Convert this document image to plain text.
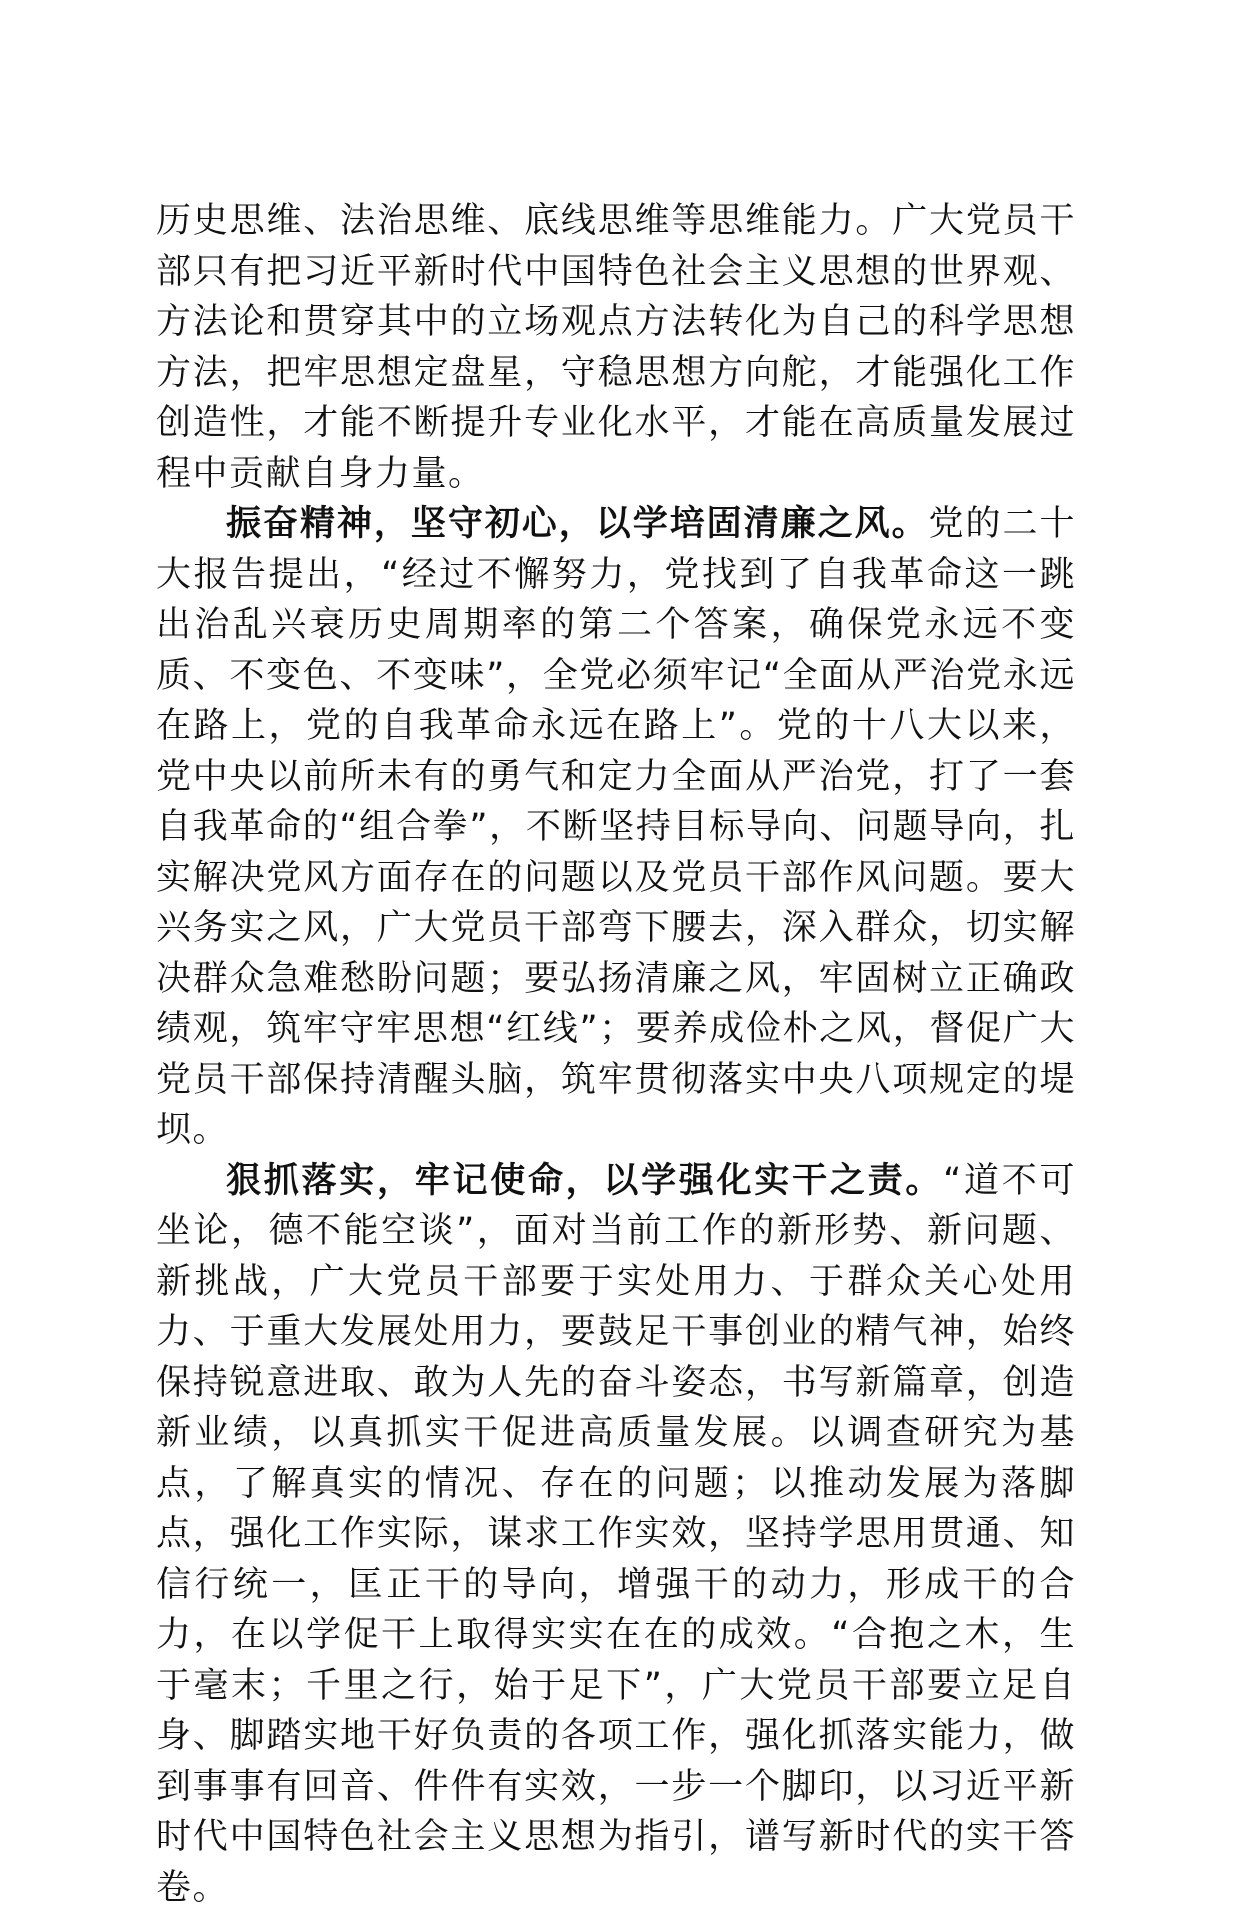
历史思维、法治思维、底线思维等思维能力。广大党员干部只有把习近平新时代中国特色社会主义思想的世界观、方法论和贯穿其中的立场观点方法转化为自己的科学思想方法，把牢思想定盘星，守稳思想方向舵，才能强化工作创造性，才能不断提升专业化水平，才能在高质量发展过程中贡献自身力量。

振奋精神，坚守初心，以学培固清廉之风。党的二十大报告提出，“经过不懈努力，党找到了自我革命这一跳出治乱兴衰历史周期率的第二个答案，确保党永远不变质、不变色、不变味”，全党必须牢记“全面从严治党永远在路上，党的自我革命永远在路上”。党的十八大以来，党中央以前所未有的勇气和定力全面从严治党，打了一套自我革命的“组合拳”，不断坚持目标导向、问题导向，扎实解决党风方面存在的问题以及党员干部作风问题。要大兴务实之风，广大党员干部弯下腰去，深入群众，切实解决群众急难愁盼问题；要弘扬清廉之风，牢固树立正确政绩观，筑牢守牢思想“红线”；要养成俭朴之风，督促广大党员干部保持清醒头脑，筑牢贯彻落实中央八项规定的堤坝。

狠抓落实，牢记使命，以学强化实干之责。“道不可坐论，德不能空谈”，面对当前工作的新形势、新问题、新挑战，广大党员干部要于实处用力、于群众关心处用力、于重大发展处用力，要鼓足干事创业的精气神，始终保持锐意进取、敢为人先的奋斗姿态，书写新篇章，创造新业绩，以真抓实干促进高质量发展。以调查研究为基点，了解真实的情况、存在的问题；以推动发展为落脚点，强化工作实际，谋求工作实效，坚持学思用贯通、知信行统一，匡正干的导向，增强干的动力，形成干的合力，在以学促干上取得实实在在的成效。“合抱之木，生于毫末；千里之行，始于足下”，广大党员干部要立足自身、脚踏实地干好负责的各项工作，强化抓落实能力，做到事事有回音、件件有实效，一步一个脚印，以习近平新时代中国特色社会主义思想为指引，谱写新时代的实干答卷。
